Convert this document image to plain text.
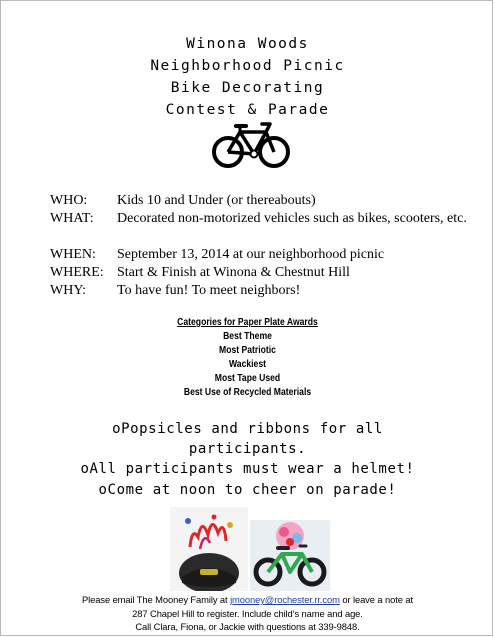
Winona Woods
Neighborhood Picnic
Bike Decorating
Contest & Parade
WHO: Kids 10 and Under (or thereabouts)
WHAT: Decorated non-motorized vehicles such as bikes, scooters, etc.
WHEN: September 13, 2014 at our neighborhood picnic
WHERE: Start & Finish at Winona & Chestnut Hill
WHY: To have fun! To meet neighbors!
Categories for Paper Plate Awards
Best Theme
Most Patriotic
Wackiest
Most Tape Used
Best Use of Recycled Materials
oPopsicles and ribbons for all
participants.
oAll participants must wear a helmet!
oCome at noon to cheer on parade!
Please email The Mooney Family at jmooney@rochester.rr.com or leave a note at
287 Chapel Hill to register. Include child’s name and age.
Call Clara, Fiona, or Jackie with questions at 339-9848.
